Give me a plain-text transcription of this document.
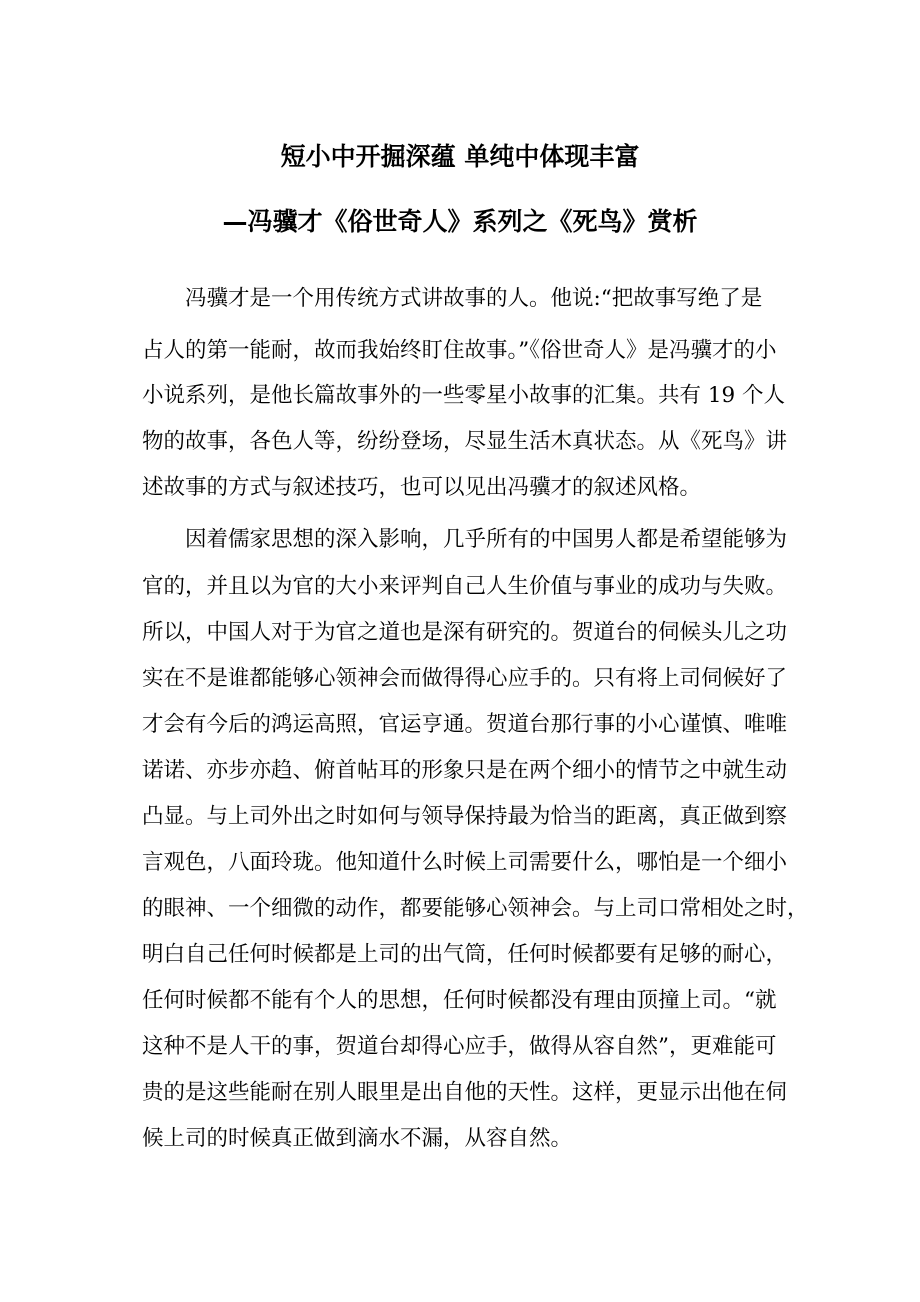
短小中开掘深蕴 单纯中体现丰富
—冯骥才《俗世奇人》系列之《死鸟》赏析
冯骥才是一个用传统方式讲故事的人。他说:“把故事写绝了是
占人的第一能耐，故而我始终盯住故事。”《俗世奇人》是冯骥才的小
小说系列，是他长篇故事外的一些零星小故事的汇集。共有 19 个人
物的故事，各色人等，纷纷登场，尽显生活木真状态。从《死鸟》讲
述故事的方式与叙述技巧，也可以见出冯骥才的叙述风格。
因着儒家思想的深入影响，几乎所有的中国男人都是希望能够为
官的，并且以为官的大小来评判自己人生价值与事业的成功与失败。
所以，中国人对于为官之道也是深有研究的。贺道台的伺候头儿之功
实在不是谁都能够心领神会而做得得心应手的。只有将上司伺候好了
才会有今后的鸿运高照，官运亨通。贺道台那行事的小心谨慎、唯唯
诺诺、亦步亦趋、俯首帖耳的形象只是在两个细小的情节之中就生动
凸显。与上司外出之时如何与领导保持最为恰当的距离，真正做到察
言观色，八面玲珑。他知道什么时候上司需要什么，哪怕是一个细小
的眼神、一个细微的动作，都要能够心领神会。与上司口常相处之时，
明白自己任何时候都是上司的出气筒，任何时候都要有足够的耐心，
任何时候都不能有个人的思想，任何时候都没有理由顶撞上司。“就
这种不是人干的事，贺道台却得心应手，做得从容自然”，更难能可
贵的是这些能耐在别人眼里是出自他的天性。这样，更显示出他在伺
候上司的时候真正做到滴水不漏，从容自然。
